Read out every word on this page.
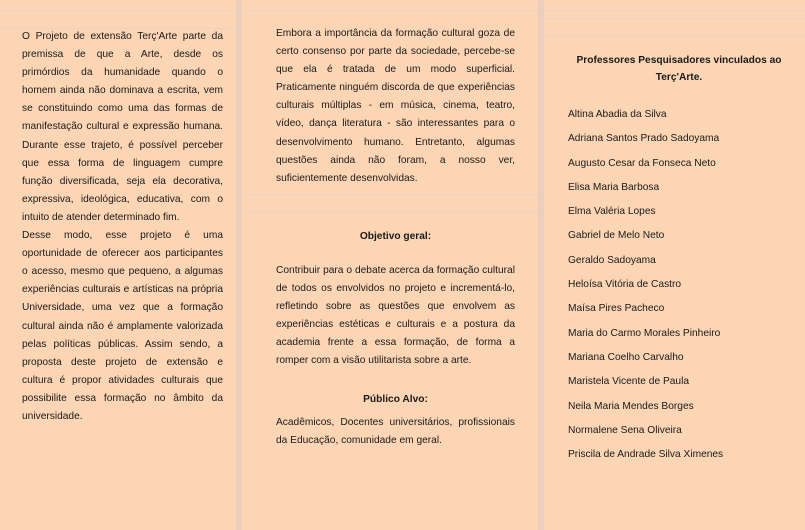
O Projeto de extensão Terç'Arte parte da premissa de que a Arte, desde os primórdios da humanidade quando o homem ainda não dominava a escrita, vem se constituindo como uma das formas de manifestação cultural e expressão humana. Durante esse trajeto, é possível perceber que essa forma de linguagem cumpre função diversificada, seja ela decorativa, expressiva, ideológica, educativa, com o intuito de atender determinado fim.

Desse modo, esse projeto é uma oportunidade de oferecer aos participantes o acesso, mesmo que pequeno, a algumas experiências culturais e artísticas na própria Universidade, uma vez que a formação cultural ainda não é amplamente valorizada pelas políticas públicas. Assim sendo, a proposta deste projeto de extensão e cultura é propor atividades culturais que possibilite essa formação no âmbito da universidade.

Embora a importância da formação cultural goza de certo consenso por parte da sociedade, percebe-se que ela é tratada de um modo superficial. Praticamente ninguém discorda de que experiências culturais múltiplas - em música, cinema, teatro, vídeo, dança literatura - são interessantes para o desenvolvimento humano. Entretanto, algumas questões ainda não foram, a nosso ver, suficientemente desenvolvidas.
Objetivo geral:
Contribuir para o debate acerca da formação cultural de todos os envolvidos no projeto e incrementá-lo, refletindo sobre as questões que envolvem as experiências estéticas e culturais e a postura da academia frente a essa formação, de forma a romper com a visão utilitarista sobre a arte.
Público Alvo:
Acadêmicos, Docentes universitários, profissionais da Educação, comunidade em geral.
Professores Pesquisadores vinculados ao Terç'Arte.
Altina Abadia da Silva
Adriana Santos Prado Sadoyama
Augusto Cesar da Fonseca Neto
Elisa Maria Barbosa
Elma Valéria Lopes
Gabriel de Melo Neto
Geraldo Sadoyama
Heloísa Vitória de Castro
Maísa Pires Pacheco
Maria do Carmo Morales Pinheiro
Mariana Coelho Carvalho
Maristela Vicente de Paula
Neila Maria Mendes Borges
Normalene Sena Oliveira
Priscila de Andrade Silva Ximenes
